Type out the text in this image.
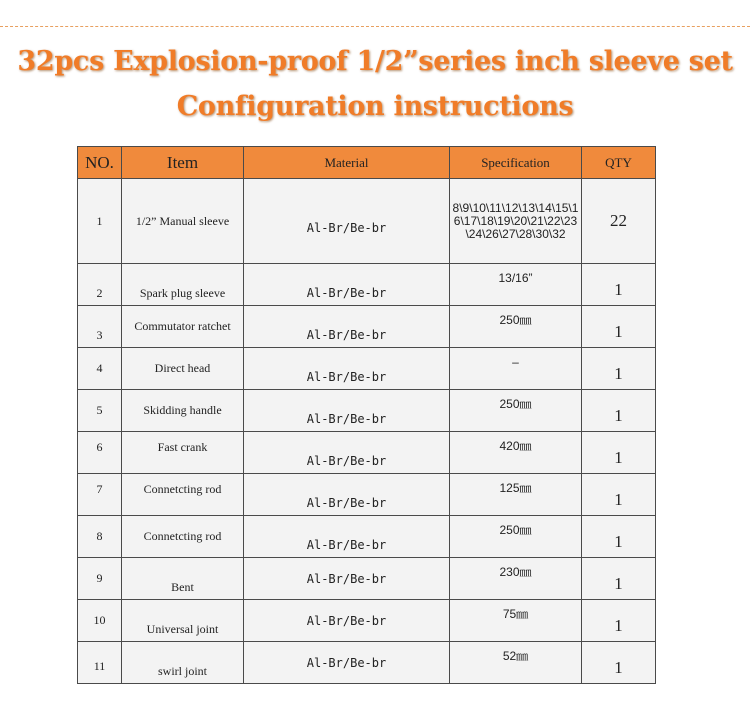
32pcs Explosion-proof 1/2”series inch sleeve set
Configuration instructions
NO.	Item	Material	Specification	QTY
1	1/2” Manual sleeve	Al-Br/Be-br	8\9\10\11\12\13\14\15\16\17\18\19\20\21\22\23\24\26\27\28\30\32	22
2	Spark plug sleeve	Al-Br/Be-br	13/16”	1
3	Commutator ratchet	Al-Br/Be-br	250㎜	1
4	Direct head	Al-Br/Be-br	–	1
5	Skidding handle	Al-Br/Be-br	250㎜	1
6	Fast crank	Al-Br/Be-br	420㎜	1
7	Connetcting rod	Al-Br/Be-br	125㎜	1
8	Connetcting rod	Al-Br/Be-br	250㎜	1
9	Bent	Al-Br/Be-br	230㎜	1
10	Universal joint	Al-Br/Be-br	75㎜	1
11	swirl joint	Al-Br/Be-br	52㎜	1
